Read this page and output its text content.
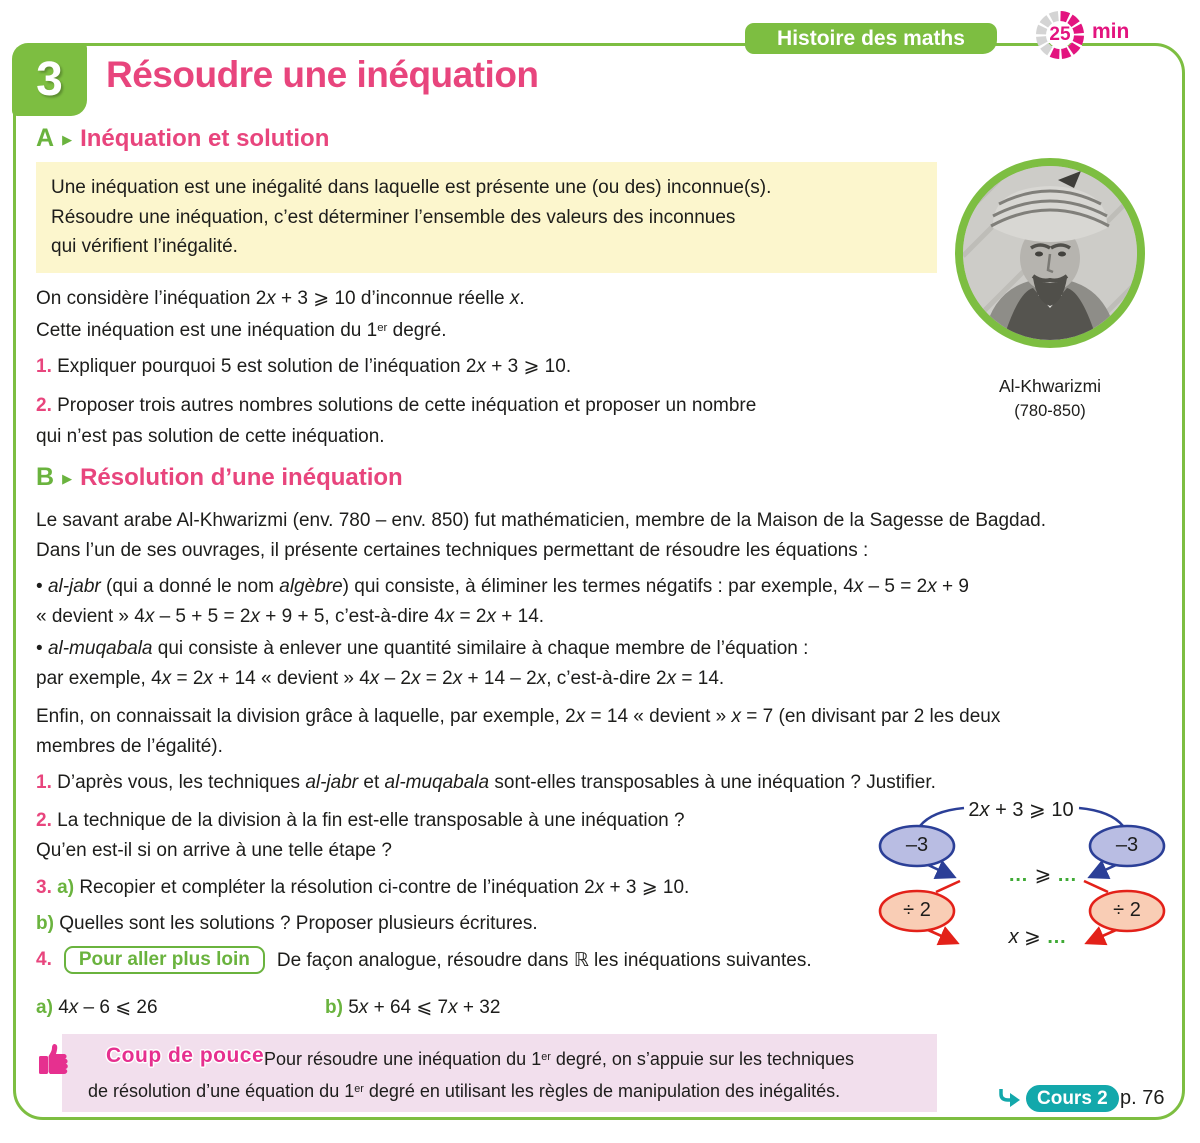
3	Résoudre une inéquation
Histoire des maths	25	min
A ▶ Inéquation et solution
Une inéquation est une inégalité dans laquelle est présente une (ou des) inconnue(s).
Résoudre une inéquation, c’est déterminer l’ensemble des valeurs des inconnues
qui vérifient l’inégalité.
On considère l’inéquation 2x + 3 ⩾ 10 d’inconnue réelle x.
Cette inéquation est une inéquation du 1er degré.
1. Expliquer pourquoi 5 est solution de l’inéquation 2x + 3 ⩾ 10.
2. Proposer trois autres nombres solutions de cette inéquation et proposer un nombre
qui n’est pas solution de cette inéquation.
Al-Khwarizmi
(780-850)
B ▶ Résolution d’une inéquation
Le savant arabe Al-Khwarizmi (env. 780 – env. 850) fut mathématicien, membre de la Maison de la Sagesse de Bagdad.
Dans l’un de ses ouvrages, il présente certaines techniques permettant de résoudre les équations :
• al-jabr (qui a donné le nom algèbre) qui consiste, à éliminer les termes négatifs : par exemple, 4x – 5 = 2x + 9
« devient » 4x – 5 + 5 = 2x + 9 + 5, c’est-à-dire 4x = 2x + 14.
• al-muqabala qui consiste à enlever une quantité similaire à chaque membre de l’équation :
par exemple, 4x = 2x + 14 « devient » 4x – 2x = 2x + 14 – 2x, c’est-à-dire 2x = 14.
Enfin, on connaissait la division grâce à laquelle, par exemple, 2x = 14 « devient » x = 7 (en divisant par 2 les deux
membres de l’égalité).
1. D’après vous, les techniques al-jabr et al-muqabala sont-elles transposables à une inéquation ? Justifier.
2. La technique de la division à la fin est-elle transposable à une inéquation ?
Qu’en est-il si on arrive à une telle étape ?
3. a) Recopier et compléter la résolution ci-contre de l’inéquation 2x + 3 ⩾ 10.
b) Quelles sont les solutions ? Proposer plusieurs écritures.
4.	Pour aller plus loin	De façon analogue, résoudre dans ℝ les inéquations suivantes.
a) 4x – 6 ⩽ 26	b) 5x + 64 ⩽ 7x + 32
2x + 3 ⩾ 10
–3	–3
… ⩾ …
÷ 2	÷ 2
x ⩾ …
Coup de pouce Pour résoudre une inéquation du 1er degré, on s’appuie sur les techniques
de résolution d’une équation du 1er degré en utilisant les règles de manipulation des inégalités.	Cours 2 p. 76
